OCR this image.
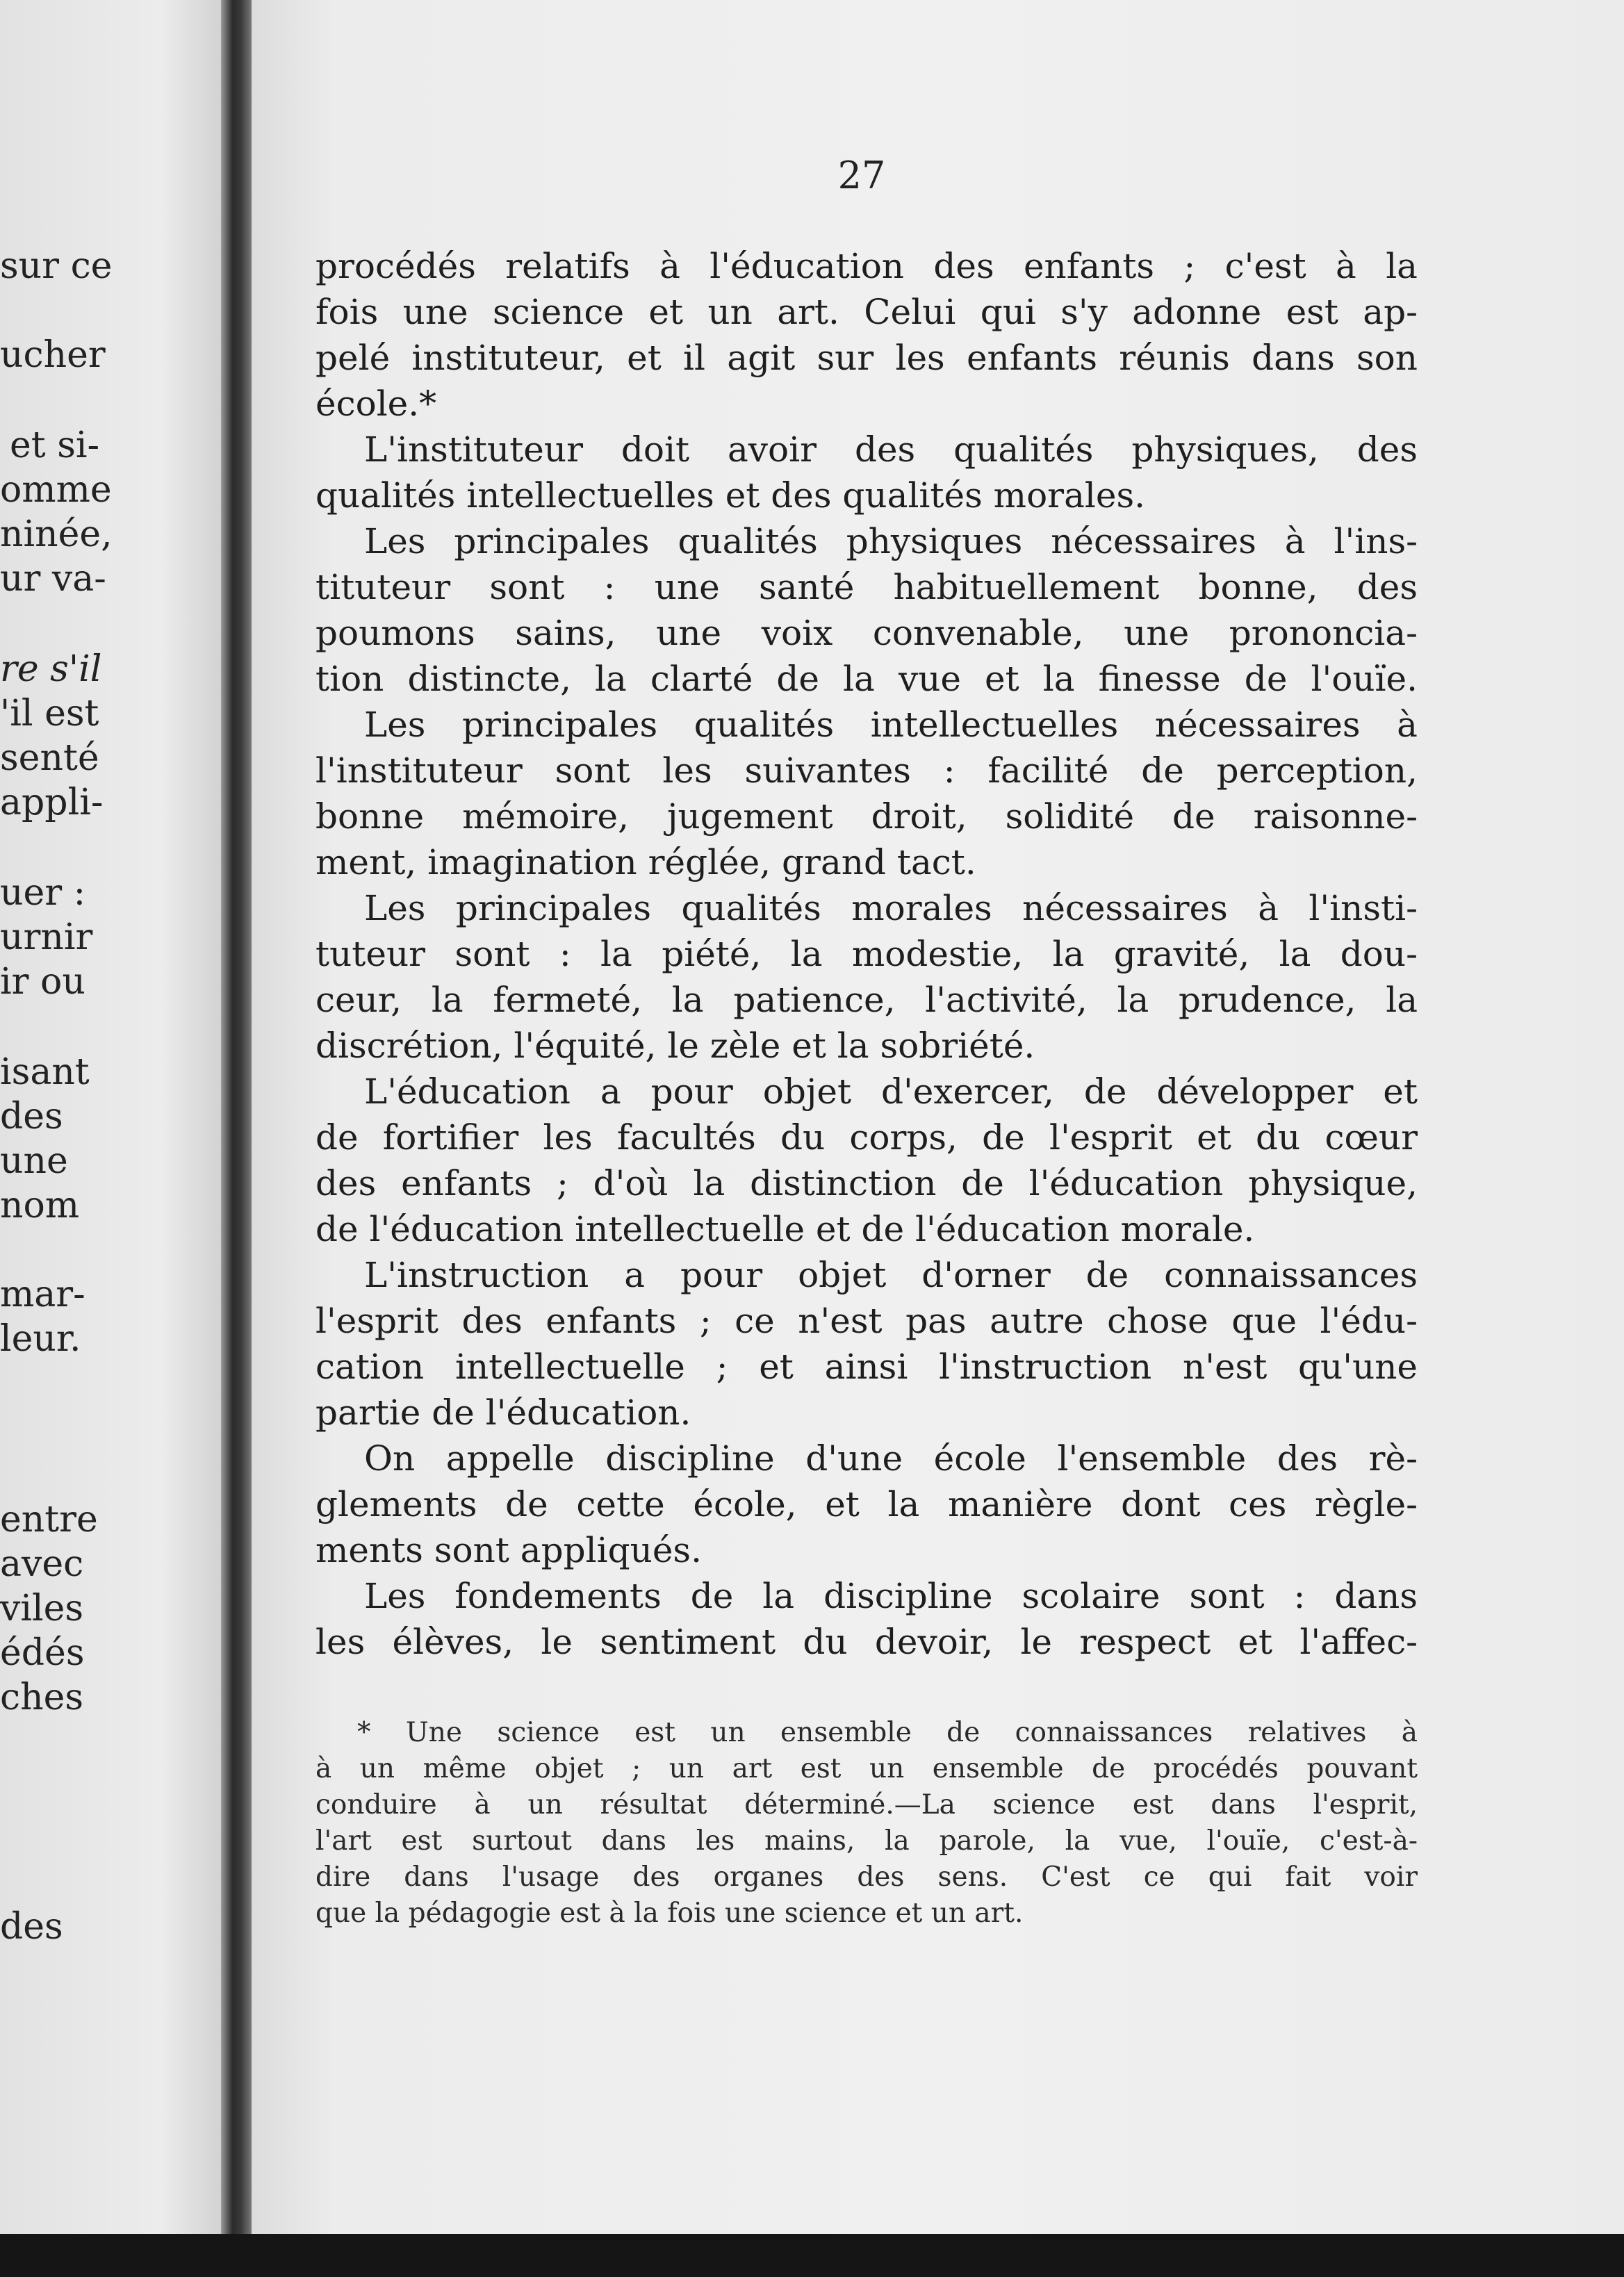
sur ce

ucher

et si-

omme

ninée,

ur va-

re s'il

'il est

senté

appli-

uer :

urnir

ir ou

isant

des

une

nom

mar-

leur.

entre

avec

viles

édés

ches

des

27
procédés relatifs à l'éducation des enfants ; c'est à la
fois une science et un art. Celui qui s'y adonne est ap-
pelé instituteur, et il agit sur les enfants réunis dans son
école.*
L'instituteur doit avoir des qualités physiques, des
qualités intellectuelles et des qualités morales.
Les principales qualités physiques nécessaires à l'ins-
tituteur sont : une santé habituellement bonne, des
poumons sains, une voix convenable, une prononcia-
tion distincte, la clarté de la vue et la finesse de l'ouïe.
Les principales qualités intellectuelles nécessaires à
l'instituteur sont les suivantes : facilité de perception,
bonne mémoire, jugement droit, solidité de raisonne-
ment, imagination réglée, grand tact.
Les principales qualités morales nécessaires à l'insti-
tuteur sont : la piété, la modestie, la gravité, la dou-
ceur, la fermeté, la patience, l'activité, la prudence, la
discrétion, l'équité, le zèle et la sobriété.
L'éducation a pour objet d'exercer, de développer et
de fortifier les facultés du corps, de l'esprit et du cœur
des enfants ; d'où la distinction de l'éducation physique,
de l'éducation intellectuelle et de l'éducation morale.
L'instruction a pour objet d'orner de connaissances
l'esprit des enfants ; ce n'est pas autre chose que l'édu-
cation intellectuelle ; et ainsi l'instruction n'est qu'une
partie de l'éducation.
On appelle discipline d'une école l'ensemble des rè-
glements de cette école, et la manière dont ces règle-
ments sont appliqués.
Les fondements de la discipline scolaire sont : dans
les élèves, le sentiment du devoir, le respect et l'affec-
* Une science est un ensemble de connaissances relatives à
à un même objet ; un art est un ensemble de procédés pouvant
conduire à un résultat déterminé.—La science est dans l'esprit,
l'art est surtout dans les mains, la parole, la vue, l'ouïe, c'est-à-
dire dans l'usage des organes des sens. C'est ce qui fait voir
que la pédagogie est à la fois une science et un art.
